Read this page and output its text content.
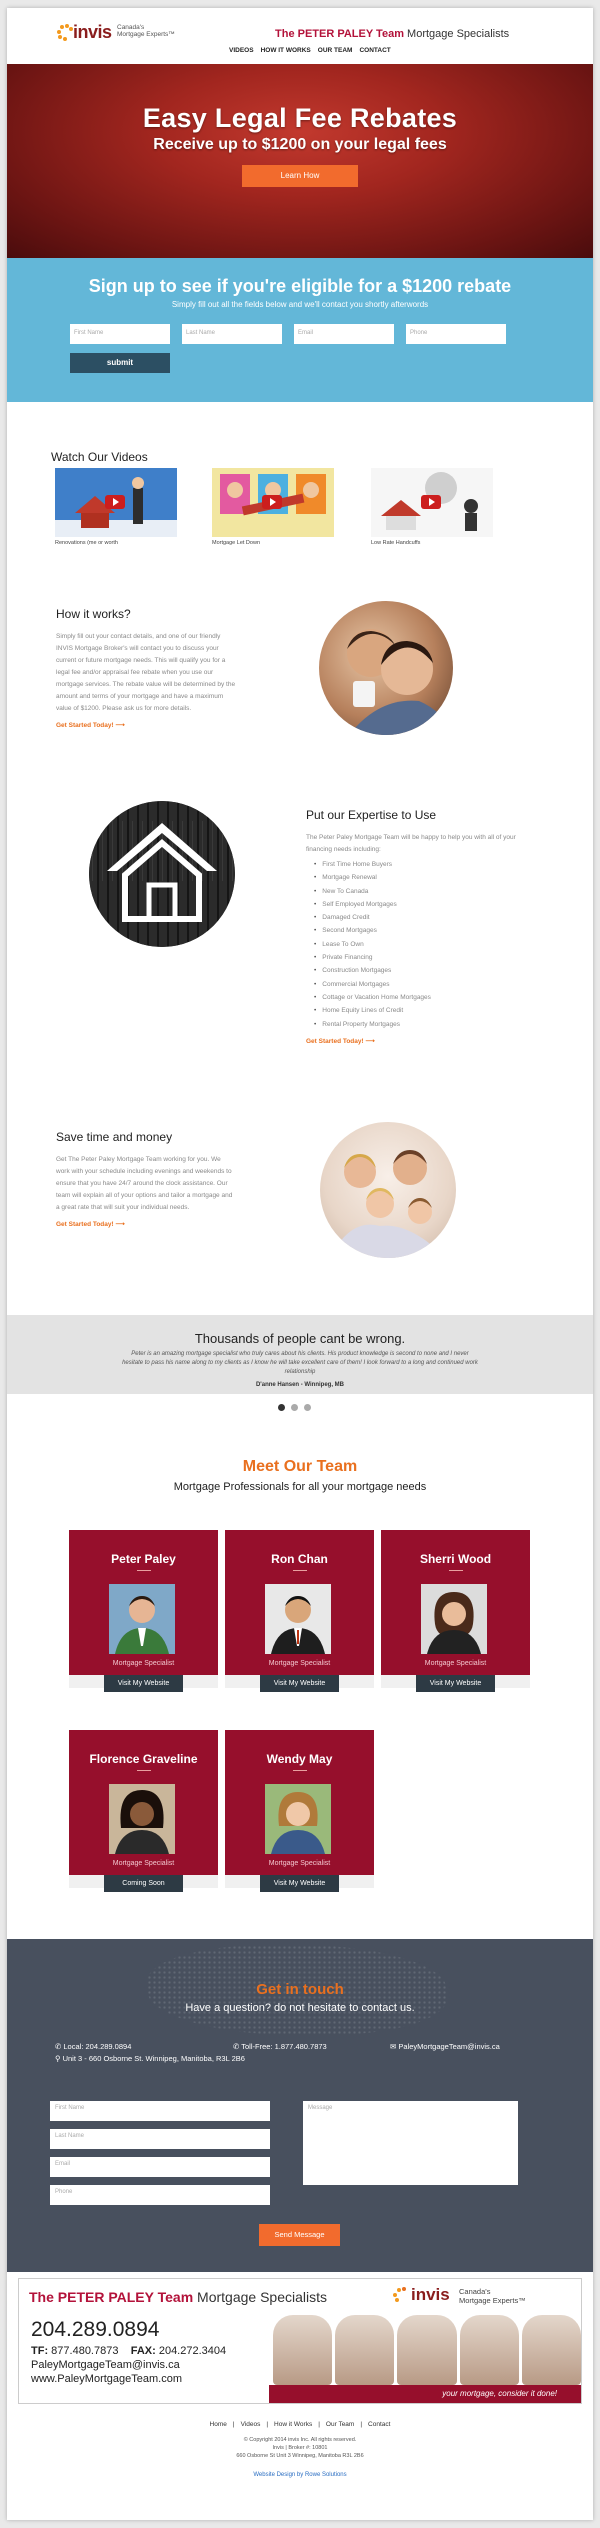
invis Canada's
Mortgage Experts™	The PETER PALEY Team Mortgage Specialists
VIDEOS HOW IT WORKS OUR TEAM CONTACT
Easy Legal Fee Rebates
Receive up to $1200 on your legal fees
Learn How
Sign up to see if you're eligible for a $1200 rebate

Simply fill out all the fields below and we'll contact you shortly afterwords

First Name	Last Name	Email	Phone
submit
Watch Our Videos
Renovations (me or worth	Mortgage Let Down	Low Rate Handcuffs
How it works?

Simply fill out your contact details, and one of our friendly INVIS Mortgage Broker's will contact you to discuss your current or future mortgage needs. This will qualify you for a legal fee and/or appraisal fee rebate when you use our mortgage services. The rebate value will be determined by the amount and terms of your mortgage and have a maximum value of $1200. Please ask us for more details.

Get Started Today! ⟶
Put our Expertise to Use

The Peter Paley Mortgage Team will be happy to help you with all of your financing needs including:

• First Time Home Buyers
• Mortgage Renewal
• New To Canada
• Self Employed Mortgages
• Damaged Credit
• Second Mortgages
• Lease To Own
• Private Financing
• Construction Mortgages
• Commercial Mortgages
• Cottage or Vacation Home Mortgages
• Home Equity Lines of Credit
• Rental Property Mortgages
Get Started Today! ⟶
Save time and money

Get The Peter Paley Mortgage Team working for you. We work with your schedule including evenings and weekends to ensure that you have 24/7 around the clock assistance. Our team will explain all of your options and tailor a mortgage and a great rate that will suit your individual needs.

Get Started Today! ⟶
Thousands of people cant be wrong.
Peter is an amazing mortgage specialist who truly cares about his clients. His product knowledge is second to none and I never hesitate to pass his name along to my clients as I know he will take excellent care of them! I look forward to a long and continued work relationship
D'anne Hansen - Winnipeg, MB
Meet Our Team

Mortgage Professionals for all your mortgage needs

Peter Paley
Mortgage Specialist
Visit My Website
Ron Chan
Mortgage Specialist
Visit My Website
Sherri Wood
Mortgage Specialist
Visit My Website
Florence Graveline
Mortgage Specialist
Coming Soon
Wendy May
Mortgage Specialist
Visit My Website
Get in touch
Have a question? do not hesitate to contact us.
✆ Local: 204.289.0894	✆ Toll-Free: 1.877.480.7873	✉ PaleyMortgageTeam@invis.ca
⚲ Unit 3 - 660 Osborne St. Winnipeg, Manitoba, R3L 2B6
First Name
Last Name
Email
Phone
Message
Send Message
The PETER PALEY Team Mortgage Specialists	invis Canada's
Mortgage Experts™
204.289.0894
TF: 877.480.7873 FAX: 204.272.3404
PaleyMortgageTeam@invis.ca
www.PaleyMortgageTeam.com
your mortgage, consider it done!
Home | Videos | How it Works | Our Team | Contact
© Copyright 2014 invis Inc. All rights reserved.
Invis | Broker #: 10801
660 Osborne St Unit 3 Winnipeg, Manitoba R3L 2B6
Website Design by Rowe Solutions
